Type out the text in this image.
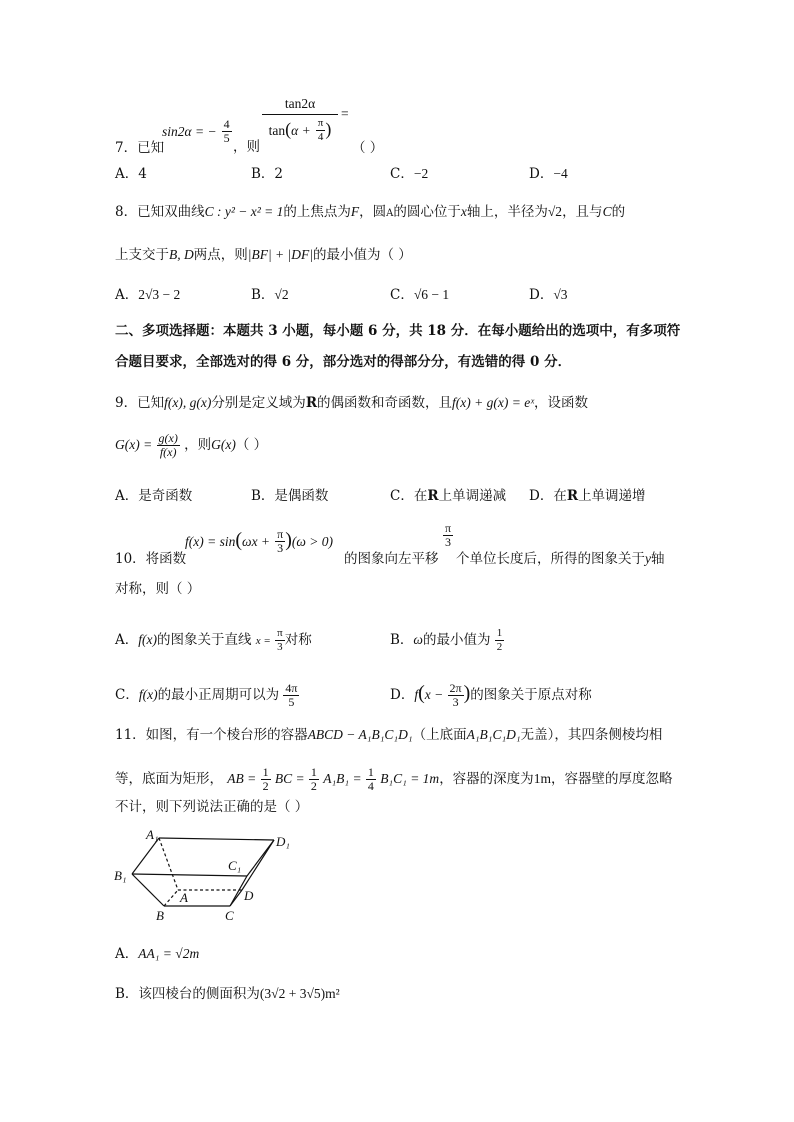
7．已知
sin2α = − $\frac{4}{5}$
，则
tan2α
$\tan(\alpha + \frac{\pi}{4}$ )
=
（ ）
A．4	B．2	C．−2	D．−4
8．已知双曲线C : y² − x² = 1的上焦点为F，圆A的圆心位于x轴上，半径为√2，且与C的
上支交于B, D两点，则|BF| + |DF|的最小值为（ ）
A．2√3 − 2	B．√2	C．√6 − 1	D．√3
二、多项选择题：本题共 3 小题，每小题 6 分，共 18 分．在每小题给出的选项中，有多项符
合题目要求，全部选对的得 6 分，部分选对的得部分分，有选错的得 0 分．
9．已知f(x), g(x)分别是定义域为R的偶函数和奇函数，且f(x) + g(x) = eˣ，设函数
$G(x) = \frac{g(x)}{f(x)}$ ，则G(x)（ ）
A．是奇函数	B．是偶函数	C．在R上单调递减 D．在R上单调递增
10．将函数
$f(x) = \sin(\omega x + \frac{\pi}{3} )(\omega > 0)$
的图象向左平移
$\frac{\pi}{3}$
个单位长度后，所得的图象关于y轴
对称，则（ ）
A．f(x)的图象关于直线 $x = \frac{\pi}{3}$ 对称	B．ω的最小值为 $\frac{1}{2}$
C．f(x)的最小正周期可以为 $\frac{4\pi}{5}$	D．$f(x - \frac{2\pi}{3}$ )的图象关于原点对称
11．如图，有一个棱台形的容器ABCD − A₁B₁C₁D₁（上底面A₁B₁C₁D₁无盖），其四条侧棱均相
等，底面为矩形， AB = $\frac{1}{2}$ BC = $\frac{1}{2} A_1B_1 = \frac{1}{4} B_1C_1 = 1m$，容器的深度为1m，容器壁的厚度忽略
不计，则下列说法正确的是（ ）
A₁	D₁
B₁
C₁
A
B	C
D
A．AA₁ = √2m
B．该四棱台的侧面积为(3√2 + 3√5)m²
